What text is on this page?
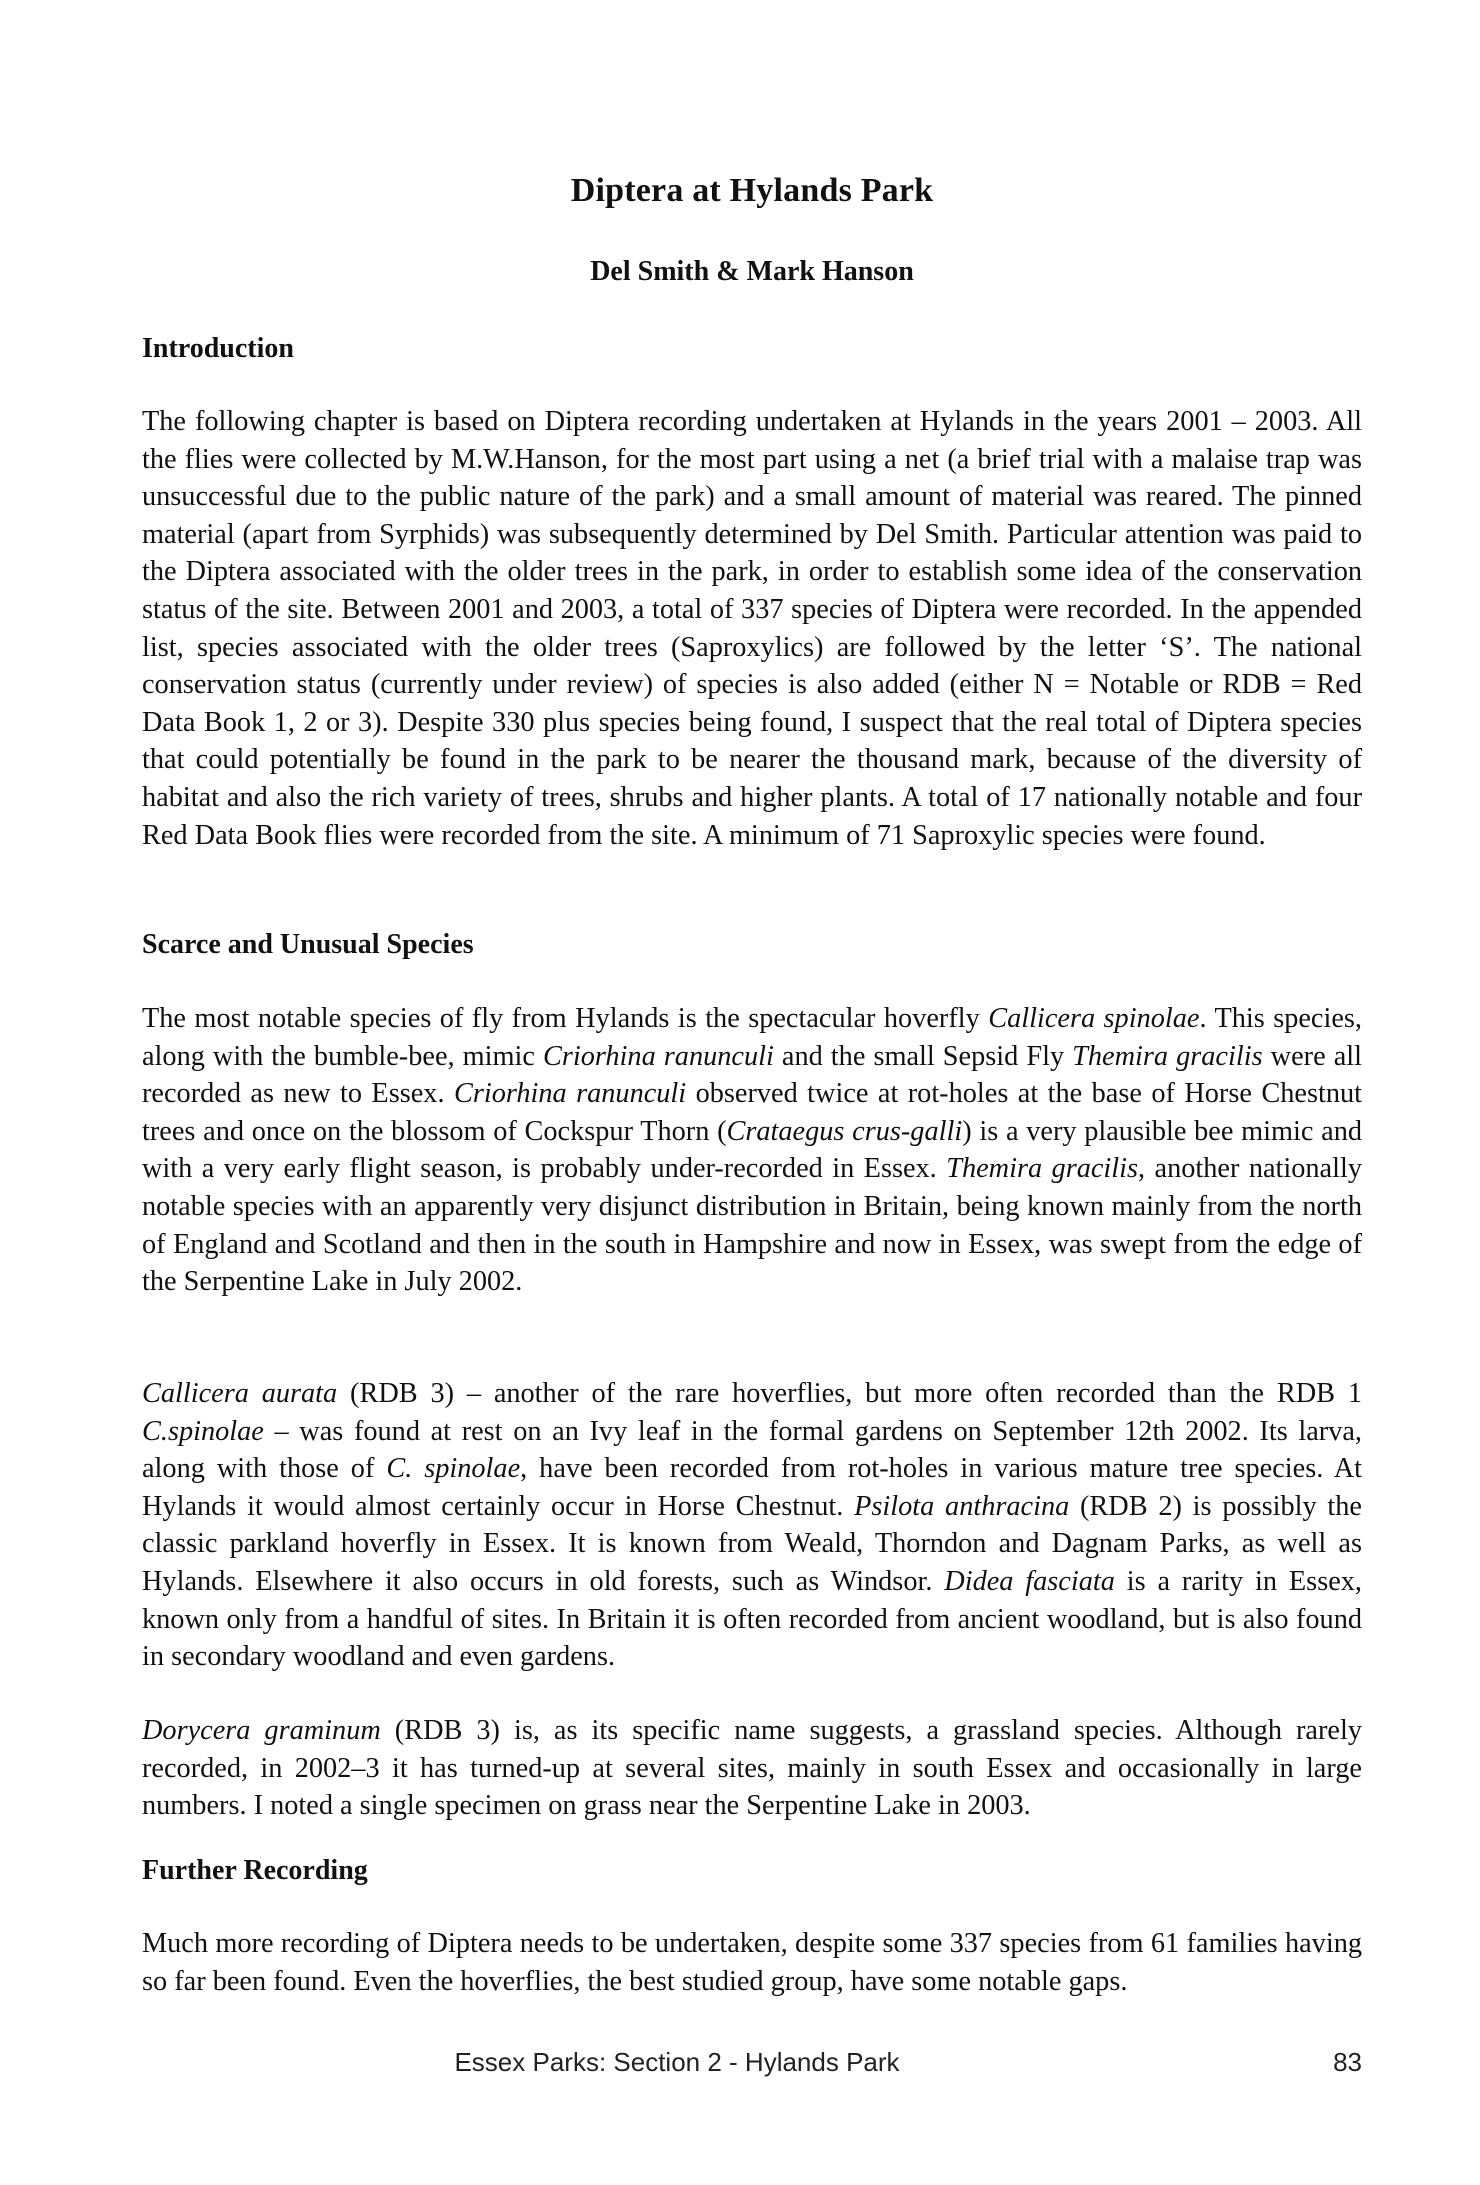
Diptera at Hylands Park
Del Smith & Mark Hanson
Introduction

The following chapter is based on Diptera recording undertaken at Hylands in the years 2001 – 2003. All the flies were collected by M.W.Hanson, for the most part using a net (a brief trial with a malaise trap was unsuccessful due to the public nature of the park) and a small amount of material was reared. The pinned material (apart from Syrphids) was subsequently determined by Del Smith. Particular attention was paid to the Diptera associated with the older trees in the park, in order to establish some idea of the conservation status of the site. Between 2001 and 2003, a total of 337 species of Diptera were recorded. In the appended list, species associated with the older trees (Saproxylics) are followed by the letter ‘S’. The national conservation status (currently under review) of species is also added (either N = Notable or RDB = Red Data Book 1, 2 or 3). Despite 330 plus species being found, I suspect that the real total of Diptera species that could potentially be found in the park to be nearer the thousand mark, because of the diversity of habitat and also the rich variety of trees, shrubs and higher plants. A total of 17 nationally notable and four Red Data Book flies were recorded from the site. A minimum of 71 Saproxylic species were found.

Scarce and Unusual Species

The most notable species of fly from Hylands is the spectacular hoverfly Callicera spinolae. This species, along with the bumble-bee, mimic Criorhina ranunculi and the small Sepsid Fly Themira gracilis were all recorded as new to Essex. Criorhina ranunculi observed twice at rot-holes at the base of Horse Chestnut trees and once on the blossom of Cockspur Thorn (Crataegus crus-galli) is a very plausible bee mimic and with a very early flight season, is probably under-recorded in Essex. Themira gracilis, another nationally notable species with an apparently very disjunct distribution in Britain, being known mainly from the north of England and Scotland and then in the south in Hampshire and now in Essex, was swept from the edge of the Serpentine Lake in July 2002.

Callicera aurata (RDB 3) – another of the rare hoverflies, but more often recorded than the RDB 1 C.spinolae – was found at rest on an Ivy leaf in the formal gardens on September 12th 2002. Its larva, along with those of C. spinolae, have been recorded from rot-holes in various mature tree species. At Hylands it would almost certainly occur in Horse Chestnut. Psilota anthracina (RDB 2) is possibly the classic parkland hoverfly in Essex. It is known from Weald, Thorndon and Dagnam Parks, as well as Hylands. Elsewhere it also occurs in old forests, such as Windsor. Didea fasciata is a rarity in Essex, known only from a handful of sites. In Britain it is often recorded from ancient woodland, but is also found in secondary woodland and even gardens.

Dorycera graminum (RDB 3) is, as its specific name suggests, a grassland species. Although rarely recorded, in 2002–3 it has turned-up at several sites, mainly in south Essex and occasionally in large numbers. I noted a single specimen on grass near the Serpentine Lake in 2003.

Further Recording

Much more recording of Diptera needs to be undertaken, despite some 337 species from 61 families having so far been found. Even the hoverflies, the best studied group, have some notable gaps.

Essex Parks: Section 2 - Hylands Park	83
